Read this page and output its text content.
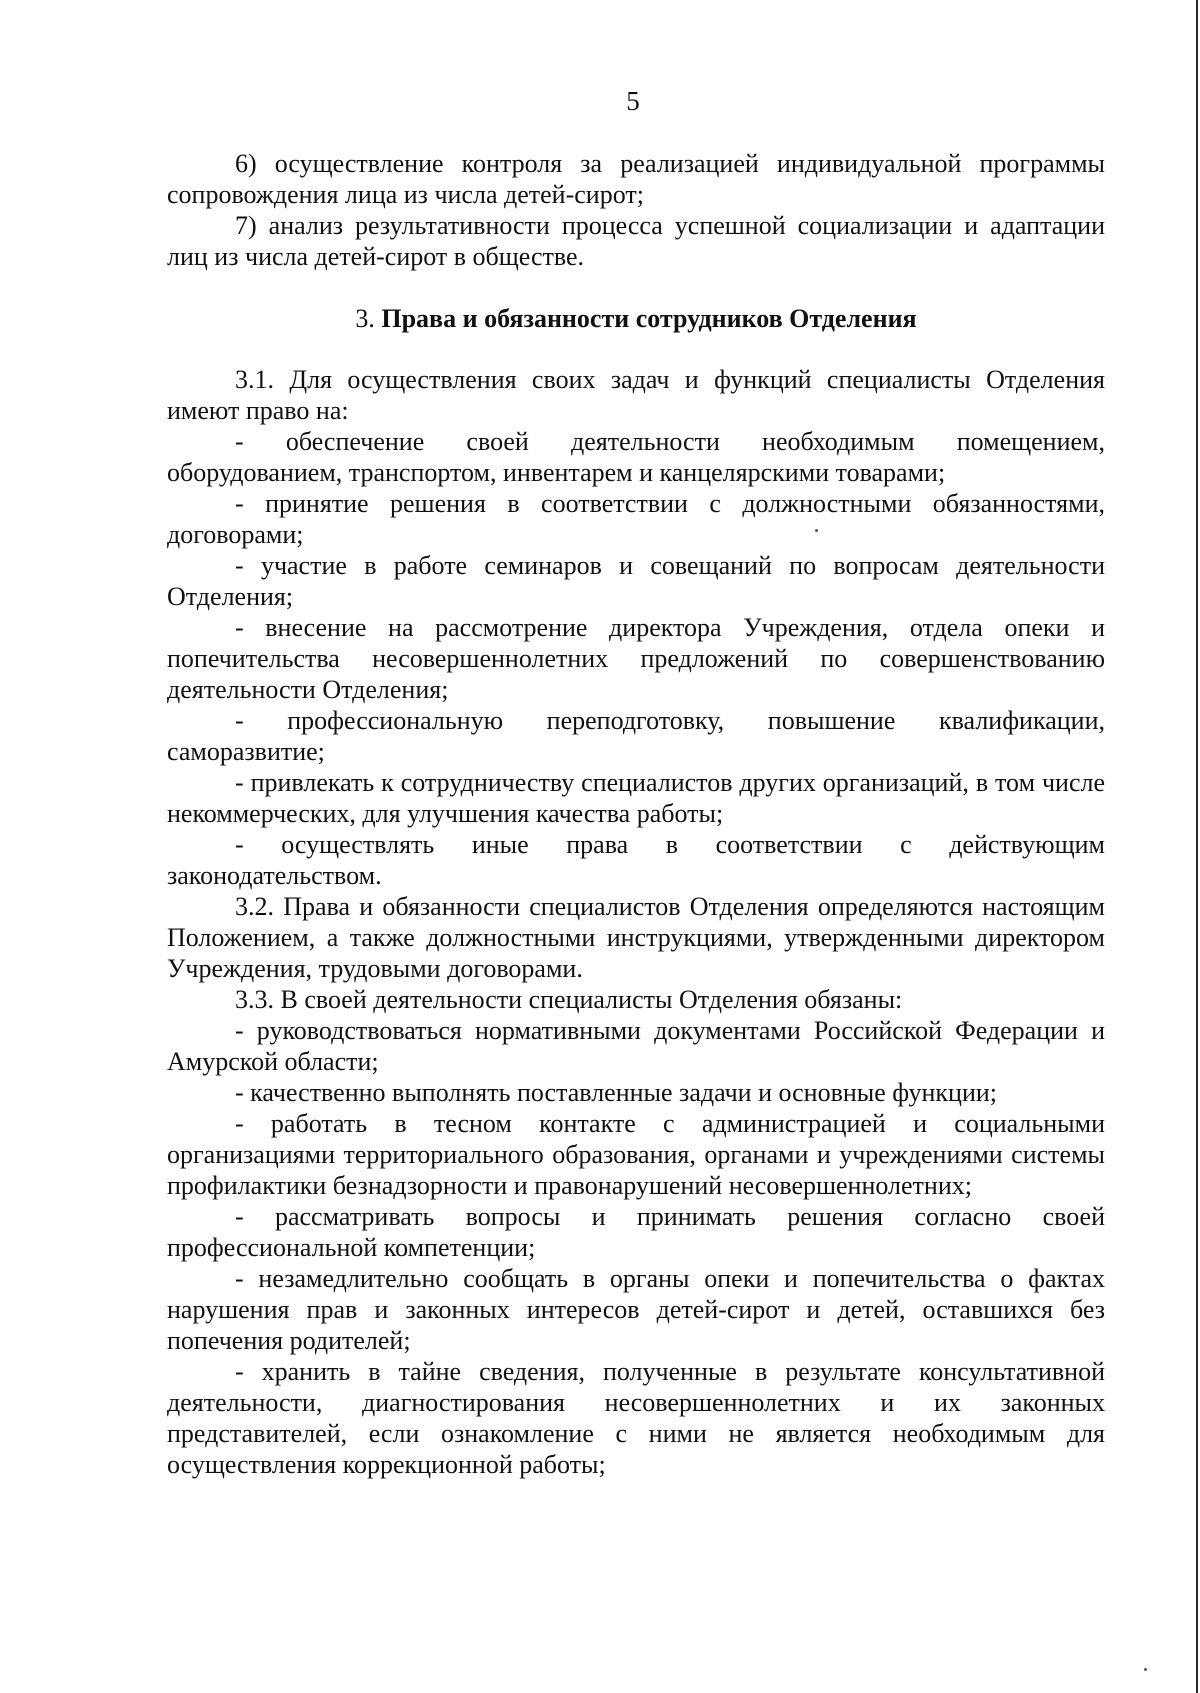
5

6) осуществление контроля за реализацией индивидуальной программы сопровождения лица из числа детей-сирот;

7) анализ результативности процесса успешной социализации и адаптации лиц из числа детей-сирот в обществе.

3. Права и обязанности сотрудников Отделения

3.1. Для осуществления своих задач и функций специалисты Отделения имеют право на:

- обеспечение своей деятельности необходимым помещением, оборудованием, транспортом, инвентарем и канцелярскими товарами;

- принятие решения в соответствии с должностными обязанностями, договорами;

- участие в работе семинаров и совещаний по вопросам деятельности Отделения;

- внесение на рассмотрение директора Учреждения, отдела опеки и попечительства несовершеннолетних предложений по совершенствованию деятельности Отделения;

- профессиональную переподготовку, повышение квалификации, саморазвитие;

- привлекать к сотрудничеству специалистов других организаций, в том числе некоммерческих, для улучшения качества работы;

- осуществлять иные права в соответствии с действующим законодательством.

3.2. Права и обязанности специалистов Отделения определяются настоящим Положением, а также должностными инструкциями, утвержденными директором Учреждения, трудовыми договорами.

3.3. В своей деятельности специалисты Отделения обязаны:

- руководствоваться нормативными документами Российской Федерации и Амурской области;

- качественно выполнять поставленные задачи и основные функции;

- работать в тесном контакте с администрацией и социальными организациями территориального образования, органами и учреждениями системы профилактики безнадзорности и правонарушений несовершеннолетних;

- рассматривать вопросы и принимать решения согласно своей профессиональной компетенции;

- незамедлительно сообщать в органы опеки и попечительства о фактах нарушения прав и законных интересов детей-сирот и детей, оставшихся без попечения родителей;

- хранить в тайне сведения, полученные в результате консультативной деятельности, диагностирования несовершеннолетних и их законных представителей, если ознакомление с ними не является необходимым для осуществления коррекционной работы;
